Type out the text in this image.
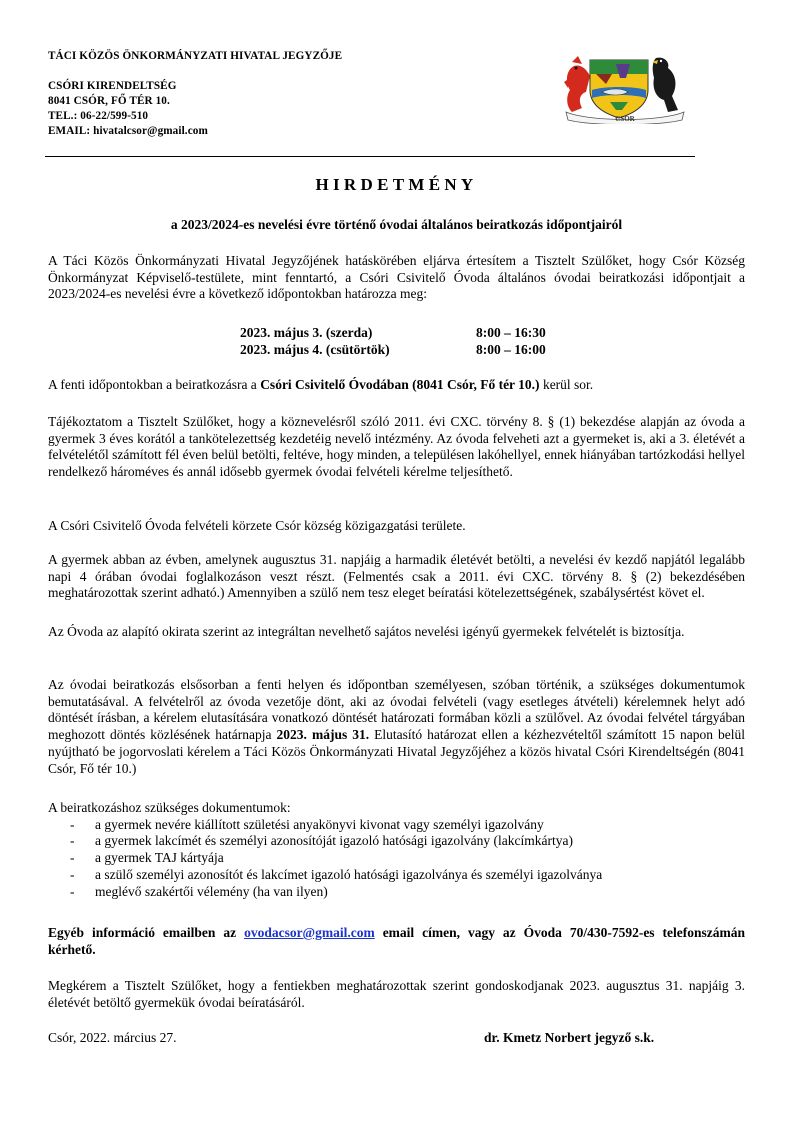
TÁCI KÖZÖS ÖNKORMÁNYZATI HIVATAL JEGYZŐJE
CSÓRI KIRENDELTSÉG
8041 CSÓR, FŐ TÉR 10.
TEL.: 06-22/599-510
EMAIL: hivatalcsor@gmail.com
CSÓR
HIRDETMÉNY
a 2023/2024-es nevelési évre történő óvodai általános beiratkozás időpontjairól
A Táci Közös Önkormányzati Hivatal Jegyzőjének hatáskörében eljárva értesítem a Tisztelt Szülőket, hogy Csór Község Önkormányzat Képviselő-testülete, mint fenntartó, a Csóri Csivitelő Óvoda általános óvodai beiratkozási időpontjait a 2023/2024-es nevelési évre a következő időpontokban határozza meg:
2023. május 3. (szerda)	8:00 – 16:30
2023. május 4. (csütörtök)	8:00 – 16:00
A fenti időpontokban a beiratkozásra a Csóri Csivitelő Óvodában (8041 Csór, Fő tér 10.) kerül sor.
Tájékoztatom a Tisztelt Szülőket, hogy a köznevelésről szóló 2011. évi CXC. törvény 8. § (1) bekezdése alapján az óvoda a gyermek 3 éves korától a tankötelezettség kezdetéig nevelő intézmény. Az óvoda felveheti azt a gyermeket is, aki a 3. életévét a felvételétől számított fél éven belül betölti, feltéve, hogy minden, a településen lakóhellyel, ennek hiányában tartózkodási hellyel rendelkező hároméves és annál idősebb gyermek óvodai felvételi kérelme teljesíthető.
A Csóri Csivitelő Óvoda felvételi körzete Csór község közigazgatási területe.
A gyermek abban az évben, amelynek augusztus 31. napjáig a harmadik életévét betölti, a nevelési év kezdő napjától legalább napi 4 órában óvodai foglalkozáson veszt részt. (Felmentés csak a 2011. évi CXC. törvény 8. § (2) bekezdésében meghatározottak szerint adható.) Amennyiben a szülő nem tesz eleget beíratási kötelezettségének, szabálysértést követ el.
Az Óvoda az alapító okirata szerint az integráltan nevelhető sajátos nevelési igényű gyermekek felvételét is biztosítja.
Az óvodai beiratkozás elsősorban a fenti helyen és időpontban személyesen, szóban történik, a szükséges dokumentumok bemutatásával. A felvételről az óvoda vezetője dönt, aki az óvodai felvételi (vagy esetleges átvételi) kérelemnek helyt adó döntését írásban, a kérelem elutasítására vonatkozó döntését határozati formában közli a szülővel. Az óvodai felvétel tárgyában meghozott döntés közlésének határnapja 2023. május 31. Elutasító határozat ellen a kézhezvételtől számított 15 napon belül nyújtható be jogorvoslati kérelem a Táci Közös Önkormányzati Hivatal Jegyzőjéhez a közös hivatal Csóri Kirendeltségén (8041 Csór, Fő tér 10.)
A beiratkozáshoz szükséges dokumentumok:
- a gyermek nevére kiállított születési anyakönyvi kivonat vagy személyi igazolvány
- a gyermek lakcímét és személyi azonosítóját igazoló hatósági igazolvány (lakcímkártya)
- a gyermek TAJ kártyája
- a szülő személyi azonosítót és lakcímet igazoló hatósági igazolványa és személyi igazolványa
- meglévő szakértői vélemény (ha van ilyen)
Egyéb információ emailben az ovodacsor@gmail.com email címen, vagy az Óvoda 70/430-7592-es telefonszámán kérhető.
Megkérem a Tisztelt Szülőket, hogy a fentiekben meghatározottak szerint gondoskodjanak 2023. augusztus 31. napjáig 3. életévét betöltő gyermekük óvodai beíratásáról.
Csór, 2022. március 27.	dr. Kmetz Norbert jegyző s.k.
